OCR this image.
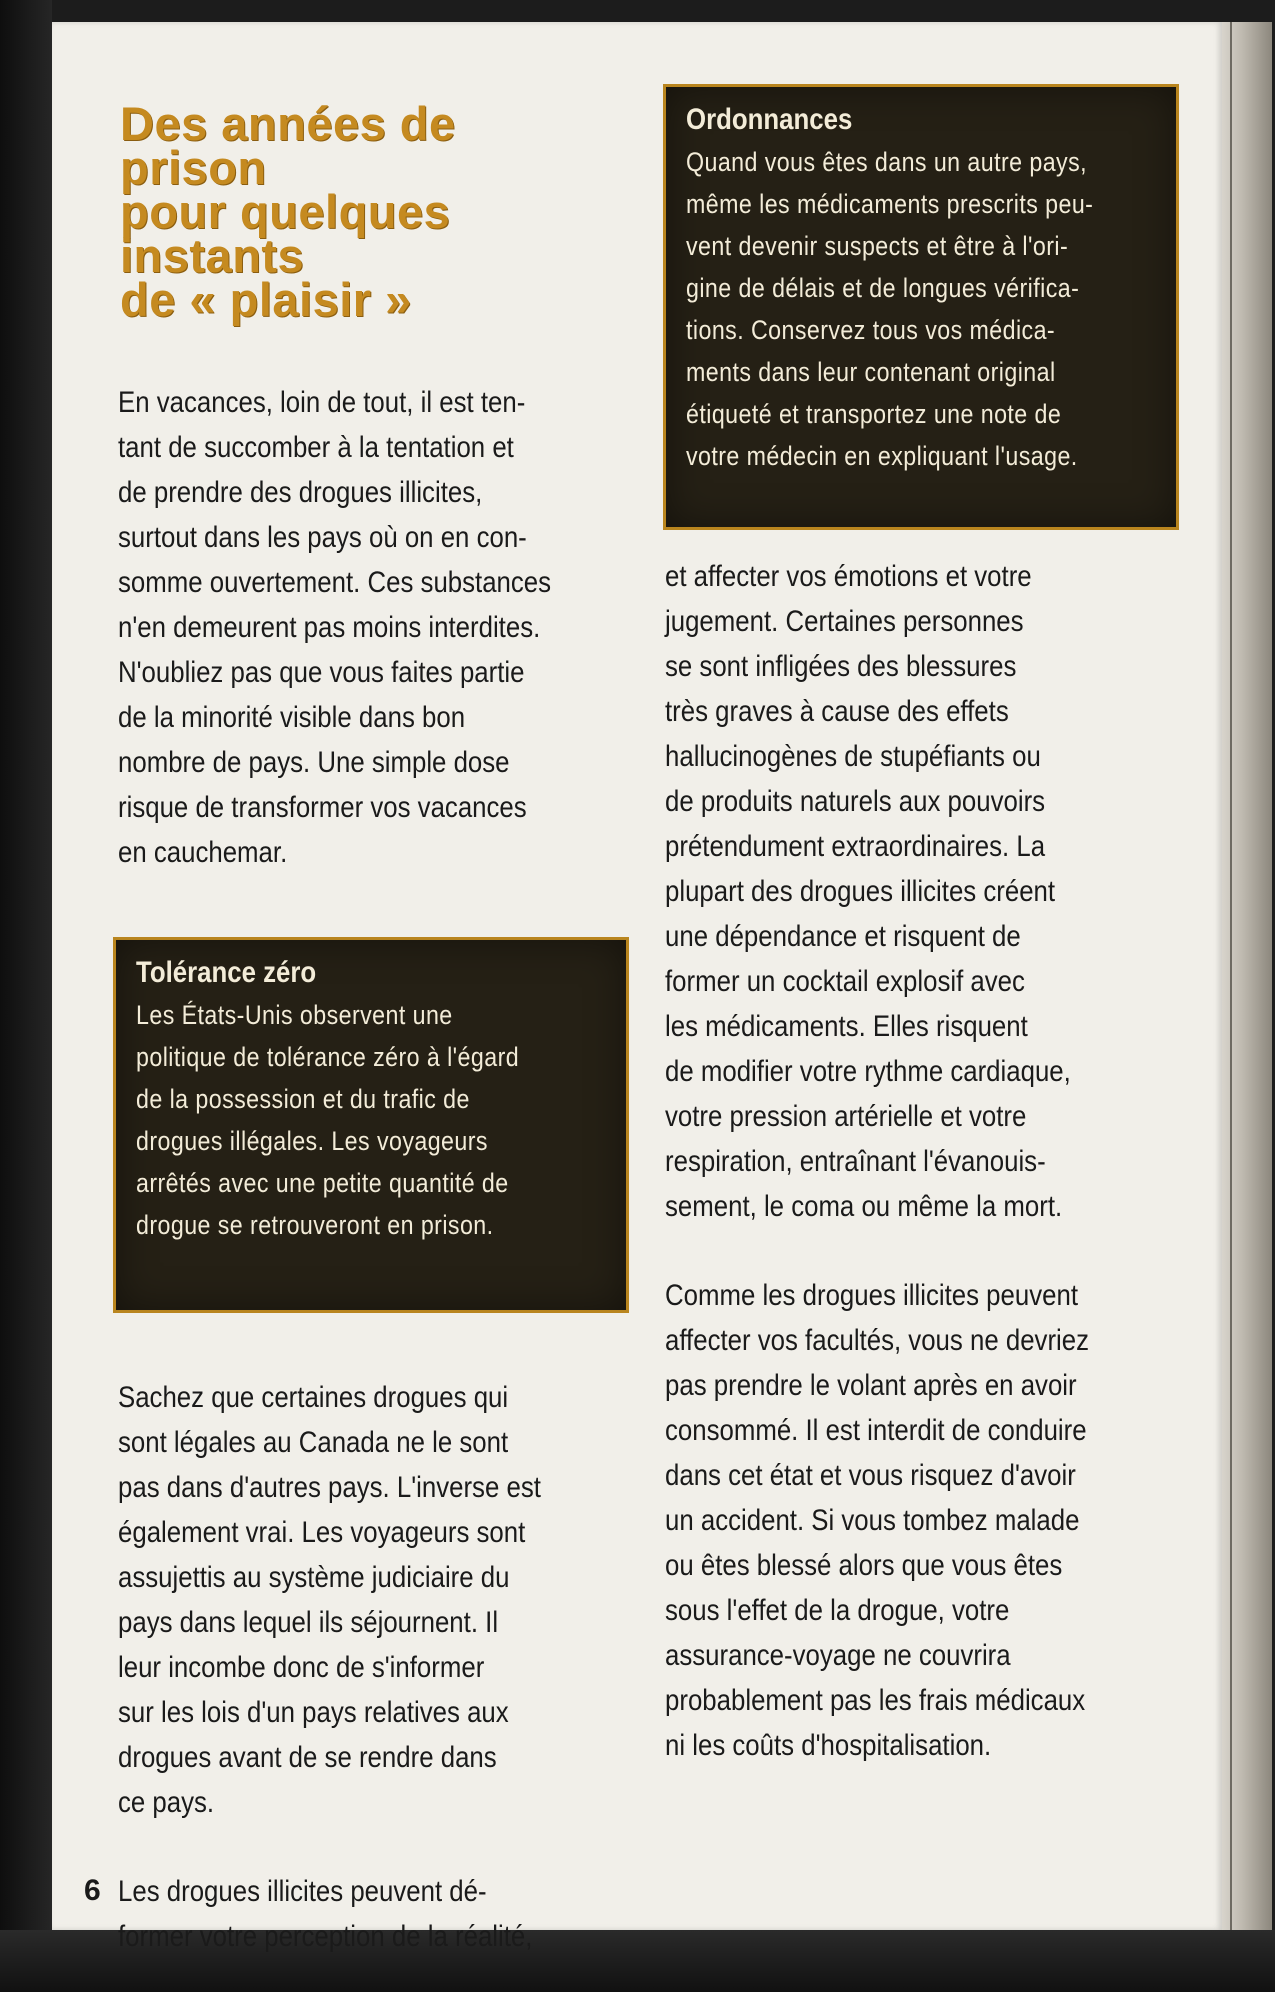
Des années de prison
pour quelques instants
de « plaisir »

En vacances, loin de tout, il est ten-
tant de succomber à la tentation et
de prendre des drogues illicites,
surtout dans les pays où on en con-
somme ouvertement. Ces substances
n'en demeurent pas moins interdites.
N'oubliez pas que vous faites partie
de la minorité visible dans bon
nombre de pays. Une simple dose
risque de transformer vos vacances
en cauchemar.

Tolérance zéro
Les États-Unis observent une
politique de tolérance zéro à l'égard
de la possession et du trafic de
drogues illégales. Les voyageurs
arrêtés avec une petite quantité de
drogue se retrouveront en prison.

Sachez que certaines drogues qui
sont légales au Canada ne le sont
pas dans d'autres pays. L'inverse est
également vrai. Les voyageurs sont
assujettis au système judiciaire du
pays dans lequel ils séjournent. Il
leur incombe donc de s'informer
sur les lois d'un pays relatives aux
drogues avant de se rendre dans
ce pays.

Les drogues illicites peuvent dé-
former votre perception de la réalité,

Ordonnances
Quand vous êtes dans un autre pays,
même les médicaments prescrits peu-
vent devenir suspects et être à l'ori-
gine de délais et de longues vérifica-
tions. Conservez tous vos médica-
ments dans leur contenant original
étiqueté et transportez une note de
votre médecin en expliquant l'usage.

et affecter vos émotions et votre
jugement. Certaines personnes
se sont infligées des blessures
très graves à cause des effets
hallucinogènes de stupéfiants ou
de produits naturels aux pouvoirs
prétendument extraordinaires. La
plupart des drogues illicites créent
une dépendance et risquent de
former un cocktail explosif avec
les médicaments. Elles risquent
de modifier votre rythme cardiaque,
votre pression artérielle et votre
respiration, entraînant l'évanouis-
sement, le coma ou même la mort.

Comme les drogues illicites peuvent
affecter vos facultés, vous ne devriez
pas prendre le volant après en avoir
consommé. Il est interdit de conduire
dans cet état et vous risquez d'avoir
un accident. Si vous tombez malade
ou êtes blessé alors que vous êtes
sous l'effet de la drogue, votre
assurance-voyage ne couvrira
probablement pas les frais médicaux
ni les coûts d'hospitalisation.

6
